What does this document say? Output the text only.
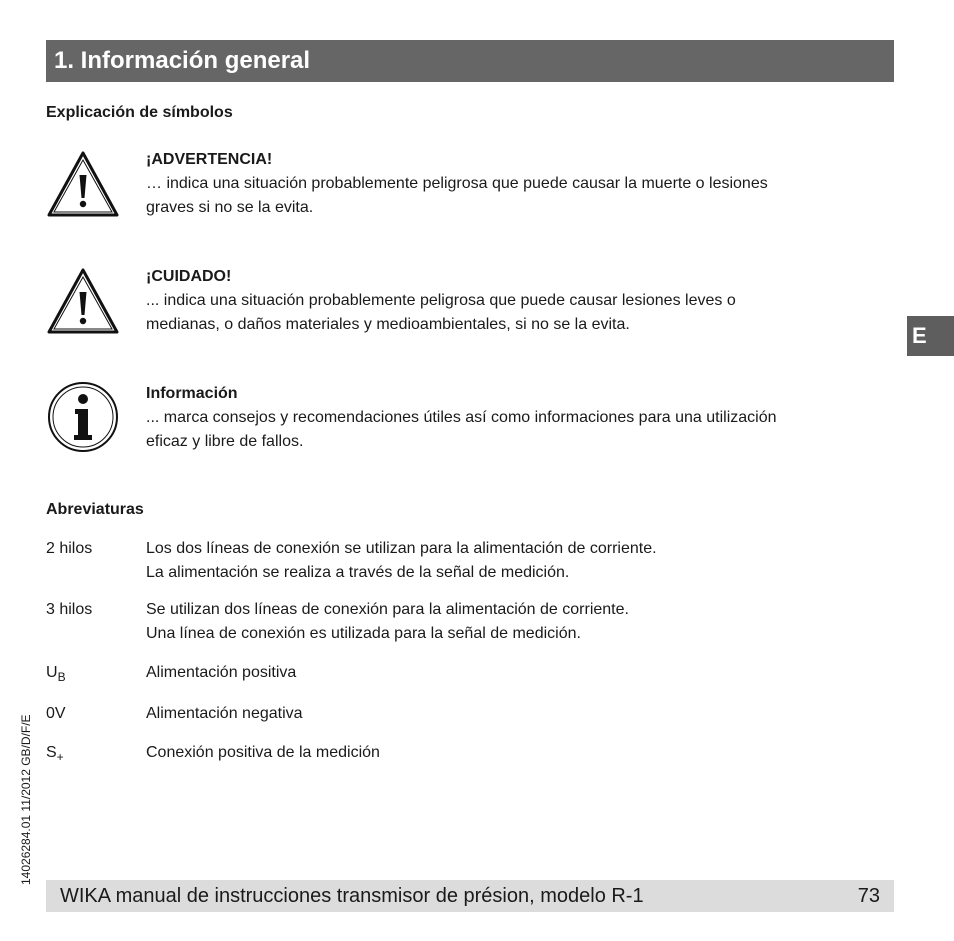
1. Información general
Explicación de símbolos
¡ADVERTENCIA!
… indica una situación probablemente peligrosa que puede causar la muerte o lesiones
graves si no se la evita.
¡CUIDADO!
... indica una situación probablemente peligrosa que puede causar lesiones leves o
medianas, o daños materiales y medioambientales, si no se la evita.
Información
... marca consejos y recomendaciones útiles así como informaciones para una utilización
eficaz y libre de fallos.
Abreviaturas
2 hilos	Los dos líneas de conexión se utilizan para la alimentación de corriente.
La alimentación se realiza a través de la señal de medición.
3 hilos	Se utilizan dos líneas de conexión para la alimentación de corriente.
Una línea de conexión es utilizada para la señal de medición.
$U_B$	Alimentación positiva
0V	Alimentación negativa
$S_+$	Conexión positiva de la medición
E
14026284.01 11/2012 GB/D/F/E
WIKA manual de instrucciones transmisor de présion, modelo R-1	73
